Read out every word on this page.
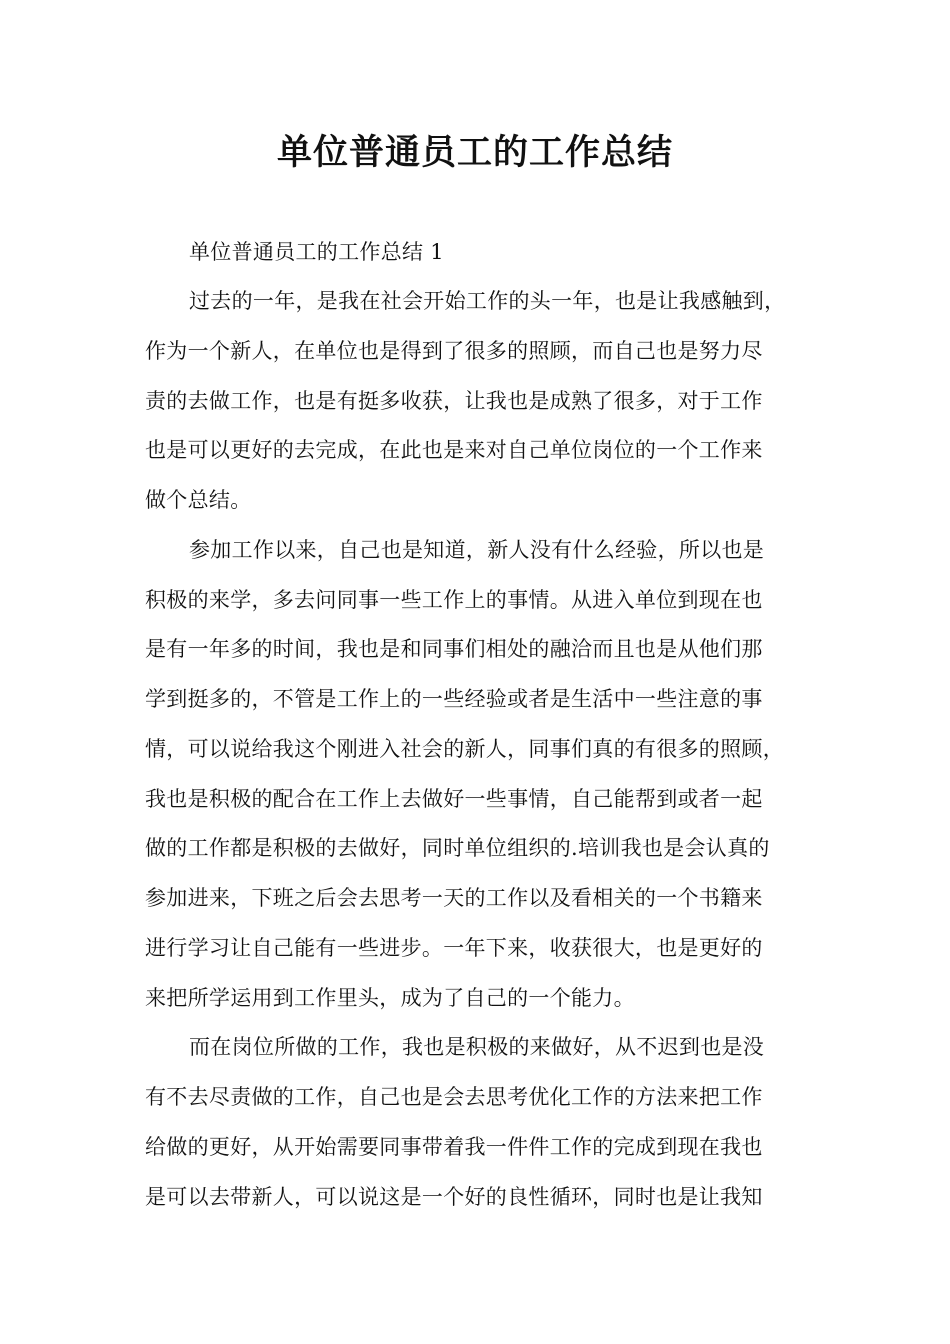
单位普通员工的工作总结
单位普通员工的工作总结 1
过去的一年，是我在社会开始工作的头一年，也是让我感触到，
作为一个新人，在单位也是得到了很多的照顾，而自己也是努力尽
责的去做工作，也是有挺多收获，让我也是成熟了很多，对于工作
也是可以更好的去完成，在此也是来对自己单位岗位的一个工作来
做个总结。
参加工作以来，自己也是知道，新人没有什么经验，所以也是
积极的来学，多去问同事一些工作上的事情。从进入单位到现在也
是有一年多的时间，我也是和同事们相处的融洽而且也是从他们那
学到挺多的，不管是工作上的一些经验或者是生活中一些注意的事
情，可以说给我这个刚进入社会的新人，同事们真的有很多的照顾，
我也是积极的配合在工作上去做好一些事情，自己能帮到或者一起
做的工作都是积极的去做好，同时单位组织的.培训我也是会认真的
参加进来，下班之后会去思考一天的工作以及看相关的一个书籍来
进行学习让自己能有一些进步。一年下来，收获很大，也是更好的
来把所学运用到工作里头，成为了自己的一个能力。
而在岗位所做的工作，我也是积极的来做好，从不迟到也是没
有不去尽责做的工作，自己也是会去思考优化工作的方法来把工作
给做的更好，从开始需要同事带着我一件件工作的完成到现在我也
是可以去带新人，可以说这是一个好的良性循环，同时也是让我知
